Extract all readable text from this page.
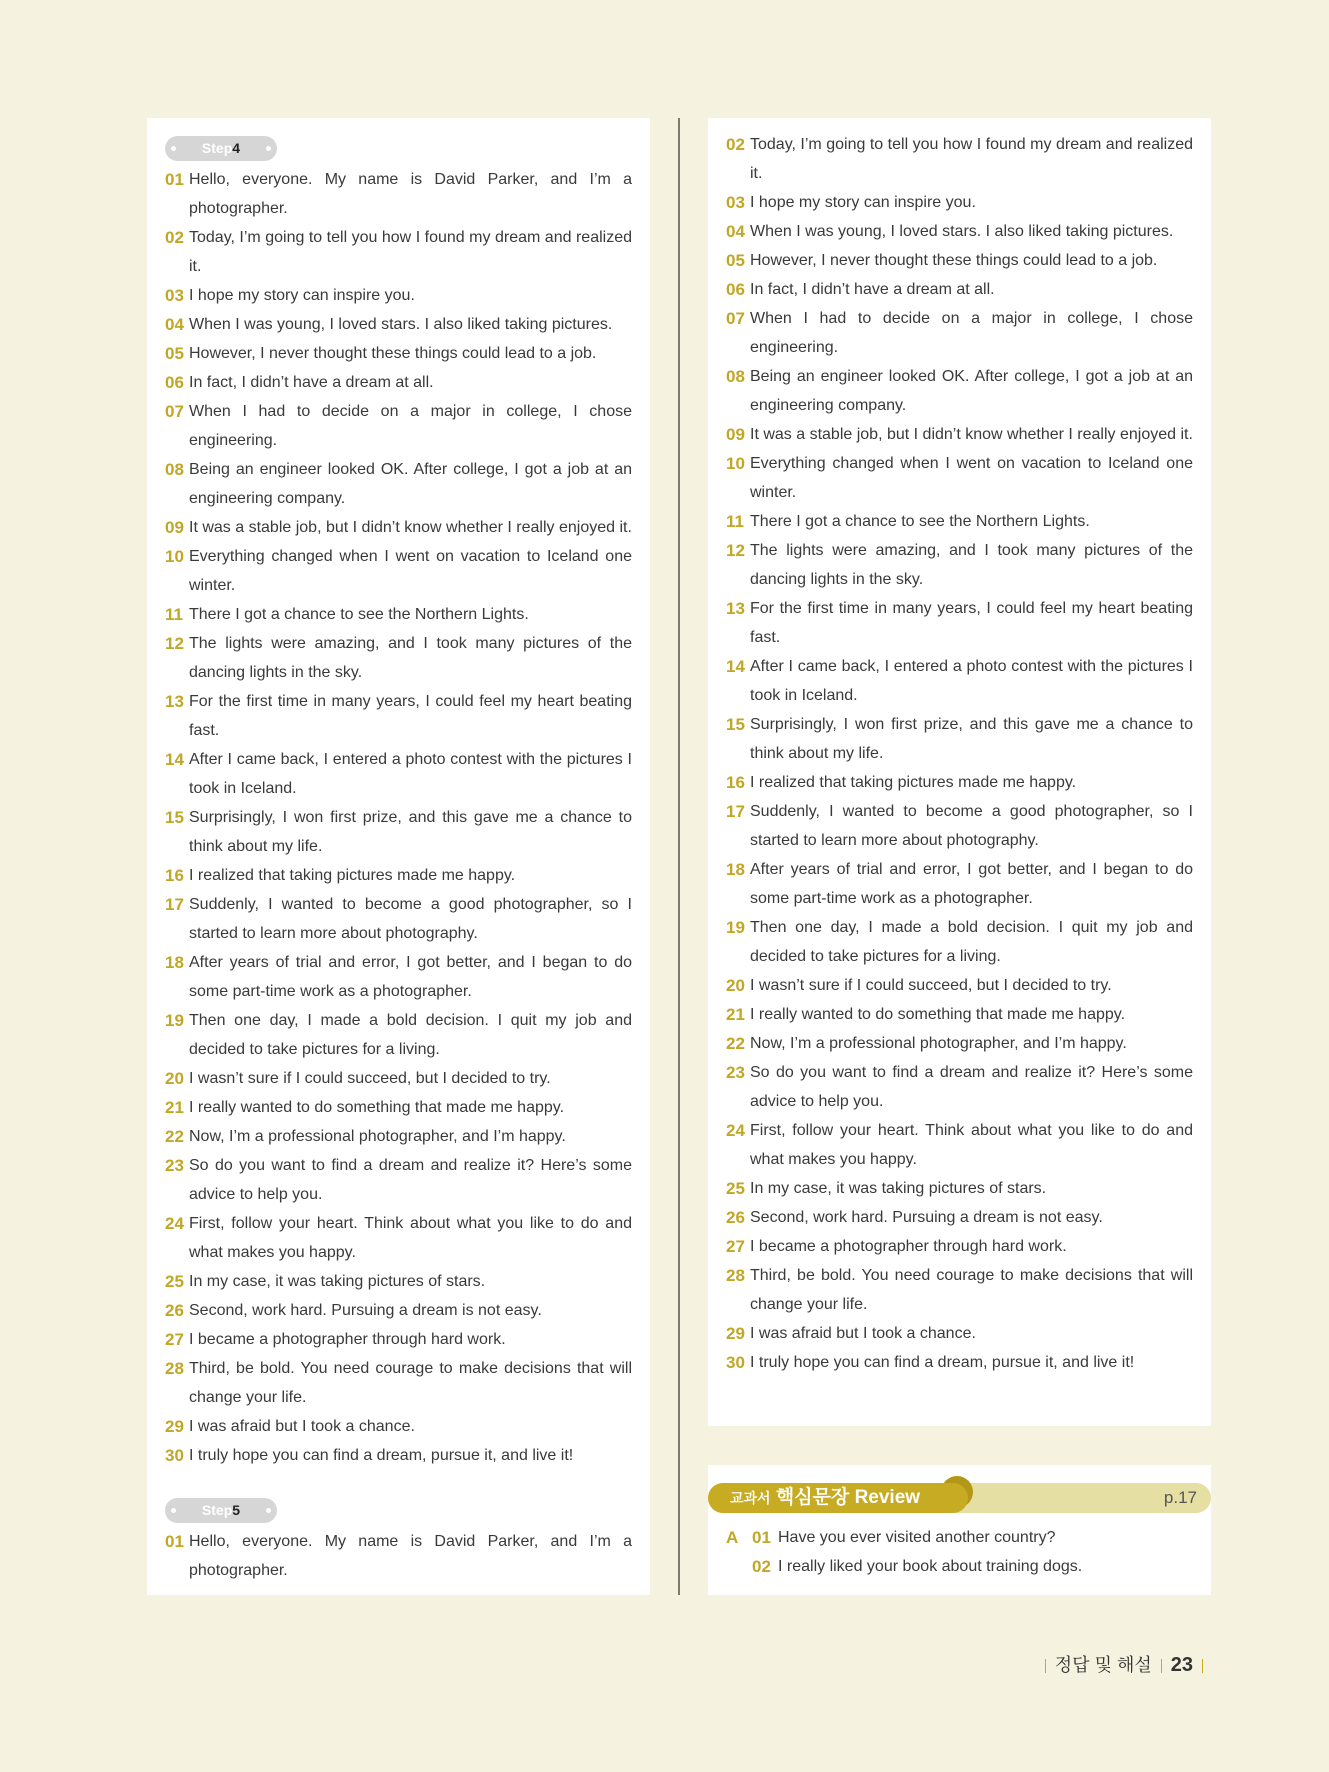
Step4
01 Hello, everyone. My name is David Parker, and I’m a photographer.
02 Today, I’m going to tell you how I found my dream and realized it.
03 I hope my story can inspire you.
04 When I was young, I loved stars. I also liked taking pictures.
05 However, I never thought these things could lead to a job.
06 In fact, I didn’t have a dream at all.
07 When I had to decide on a major in college, I chose engineering.
08 Being an engineer looked OK. After college, I got a job at an engineering company.
09 It was a stable job, but I didn’t know whether I really enjoyed it.
10 Everything changed when I went on vacation to Iceland one winter.
11 There I got a chance to see the Northern Lights.
12 The lights were amazing, and I took many pictures of the dancing lights in the sky.
13 For the first time in many years, I could feel my heart beating fast.
14 After I came back, I entered a photo contest with the pictures I took in Iceland.
15 Surprisingly, I won first prize, and this gave me a chance to think about my life.
16 I realized that taking pictures made me happy.
17 Suddenly, I wanted to become a good photographer, so I started to learn more about photography.
18 After years of trial and error, I got better, and I began to do some part-time work as a photographer.
19 Then one day, I made a bold decision. I quit my job and decided to take pictures for a living.
20 I wasn’t sure if I could succeed, but I decided to try.
21 I really wanted to do something that made me happy.
22 Now, I’m a professional photographer, and I’m happy.
23 So do you want to find a dream and realize it? Here’s some advice to help you.
24 First, follow your heart. Think about what you like to do and what makes you happy.
25 In my case, it was taking pictures of stars.
26 Second, work hard. Pursuing a dream is not easy.
27 I became a photographer through hard work.
28 Third, be bold. You need courage to make decisions that will change your life.
29 I was afraid but I took a chance.
30 I truly hope you can find a dream, pursue it, and live it!
Step5
01 Hello, everyone. My name is David Parker, and I’m a photographer.
02 Today, I’m going to tell you how I found my dream and realized it.
03 I hope my story can inspire you.
04 When I was young, I loved stars. I also liked taking pictures.
05 However, I never thought these things could lead to a job.
06 In fact, I didn’t have a dream at all.
07 When I had to decide on a major in college, I chose engineering.
08 Being an engineer looked OK. After college, I got a job at an engineering company.
09 It was a stable job, but I didn’t know whether I really enjoyed it.
10 Everything changed when I went on vacation to Iceland one winter.
11 There I got a chance to see the Northern Lights.
12 The lights were amazing, and I took many pictures of the dancing lights in the sky.
13 For the first time in many years, I could feel my heart beating fast.
14 After I came back, I entered a photo contest with the pictures I took in Iceland.
15 Surprisingly, I won first prize, and this gave me a chance to think about my life.
16 I realized that taking pictures made me happy.
17 Suddenly, I wanted to become a good photographer, so I started to learn more about photography.
18 After years of trial and error, I got better, and I began to do some part-time work as a photographer.
19 Then one day, I made a bold decision. I quit my job and decided to take pictures for a living.
20 I wasn’t sure if I could succeed, but I decided to try.
21 I really wanted to do something that made me happy.
22 Now, I’m a professional photographer, and I’m happy.
23 So do you want to find a dream and realize it? Here’s some advice to help you.
24 First, follow your heart. Think about what you like to do and what makes you happy.
25 In my case, it was taking pictures of stars.
26 Second, work hard. Pursuing a dream is not easy.
27 I became a photographer through hard work.
28 Third, be bold. You need courage to make decisions that will change your life.
29 I was afraid but I took a chance.
30 I truly hope you can find a dream, pursue it, and live it!
교과서 핵심문장 Review	p.17
A 01 Have you ever visited another country?
02 I really liked your book about training dogs.
정답 및 해설 23
